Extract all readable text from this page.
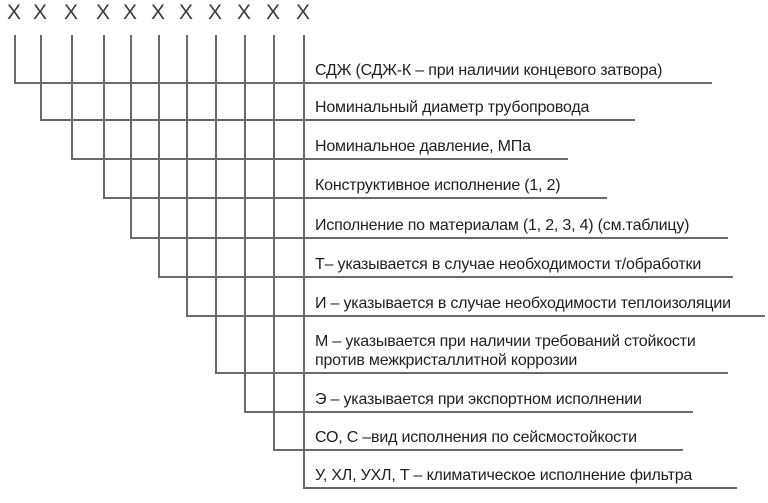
Х
СДЖ (СДЖ-К – при наличии концевого затвора)
Х
Номинальный диаметр трубопровода
Х
Номинальное давление, МПа
Х
Конструктивное исполнение (1, 2)
Х
Исполнение по материалам (1, 2, 3, 4) (см.таблицу)
Х
Т– указывается в случае необходимости т/обработки
Х
И – указывается в случае необходимости теплоизоляции
Х
М – указывается при наличии требований стойкости
против межкристаллитной коррозии
Х
Э – указывается при экспортном исполнении
Х
СО, С –вид исполнения по сейсмостойкости
Х
У, ХЛ, УХЛ, Т – климатическое исполнение фильтра
